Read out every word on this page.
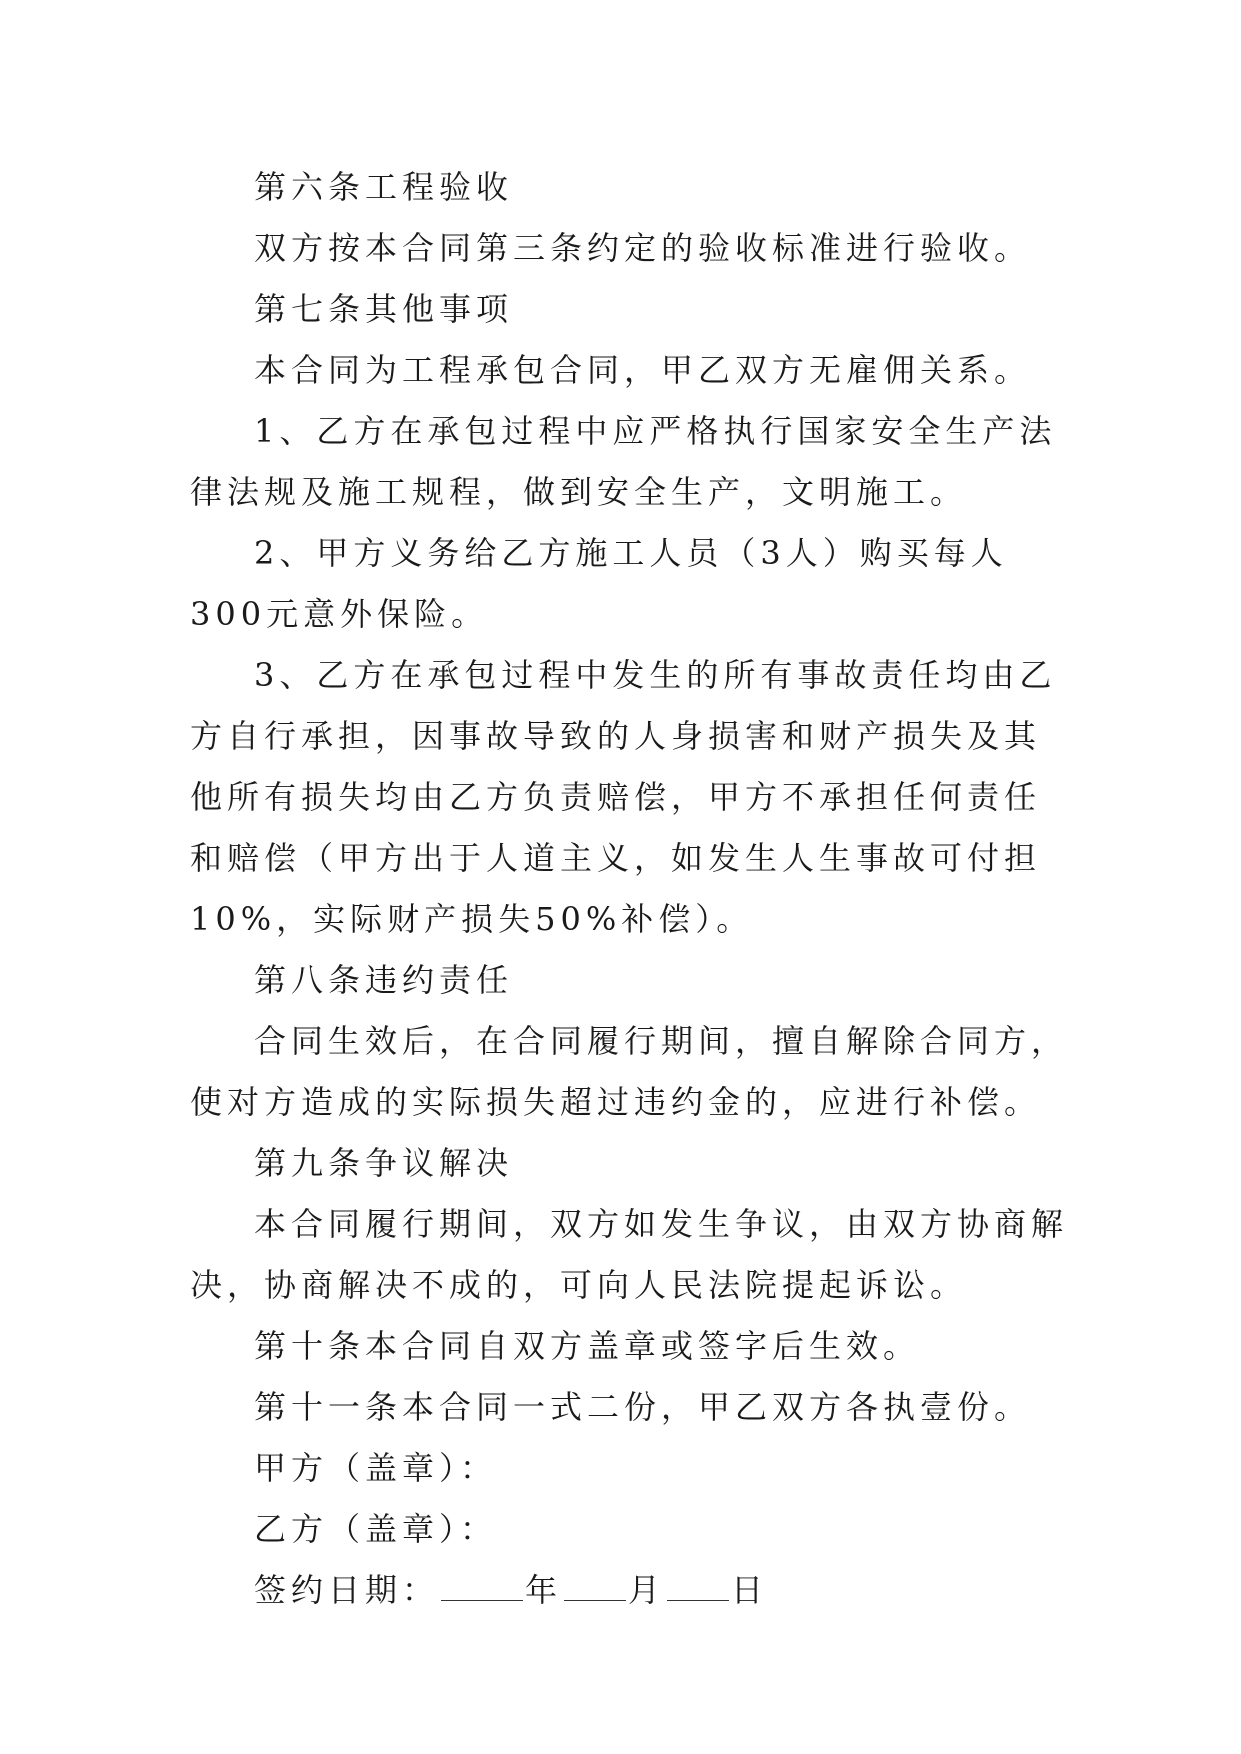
第六条工程验收

双方按本合同第三条约定的验收标准进行验收。

第七条其他事项

本合同为工程承包合同，甲乙双方无雇佣关系。

1、乙方在承包过程中应严格执行国家安全生产法律法规及施工规程，做到安全生产，文明施工。

2、甲方义务给乙方施工人员（3人）购买每人300元意外保险。

3、乙方在承包过程中发生的所有事故责任均由乙方自行承担，因事故导致的人身损害和财产损失及其他所有损失均由乙方负责赔偿，甲方不承担任何责任和赔偿（甲方出于人道主义，如发生人生事故可付担10%，实际财产损失50%补偿）。

第八条违约责任

合同生效后，在合同履行期间，擅自解除合同方，使对方造成的实际损失超过违约金的，应进行补偿。

第九条争议解决

本合同履行期间，双方如发生争议，由双方协商解决，协商解决不成的，可向人民法院提起诉讼。

第十条本合同自双方盖章或签字后生效。

第十一条本合同一式二份，甲乙双方各执壹份。

甲方（盖章）：

乙方（盖章）：

签约日期：	年 月 日
